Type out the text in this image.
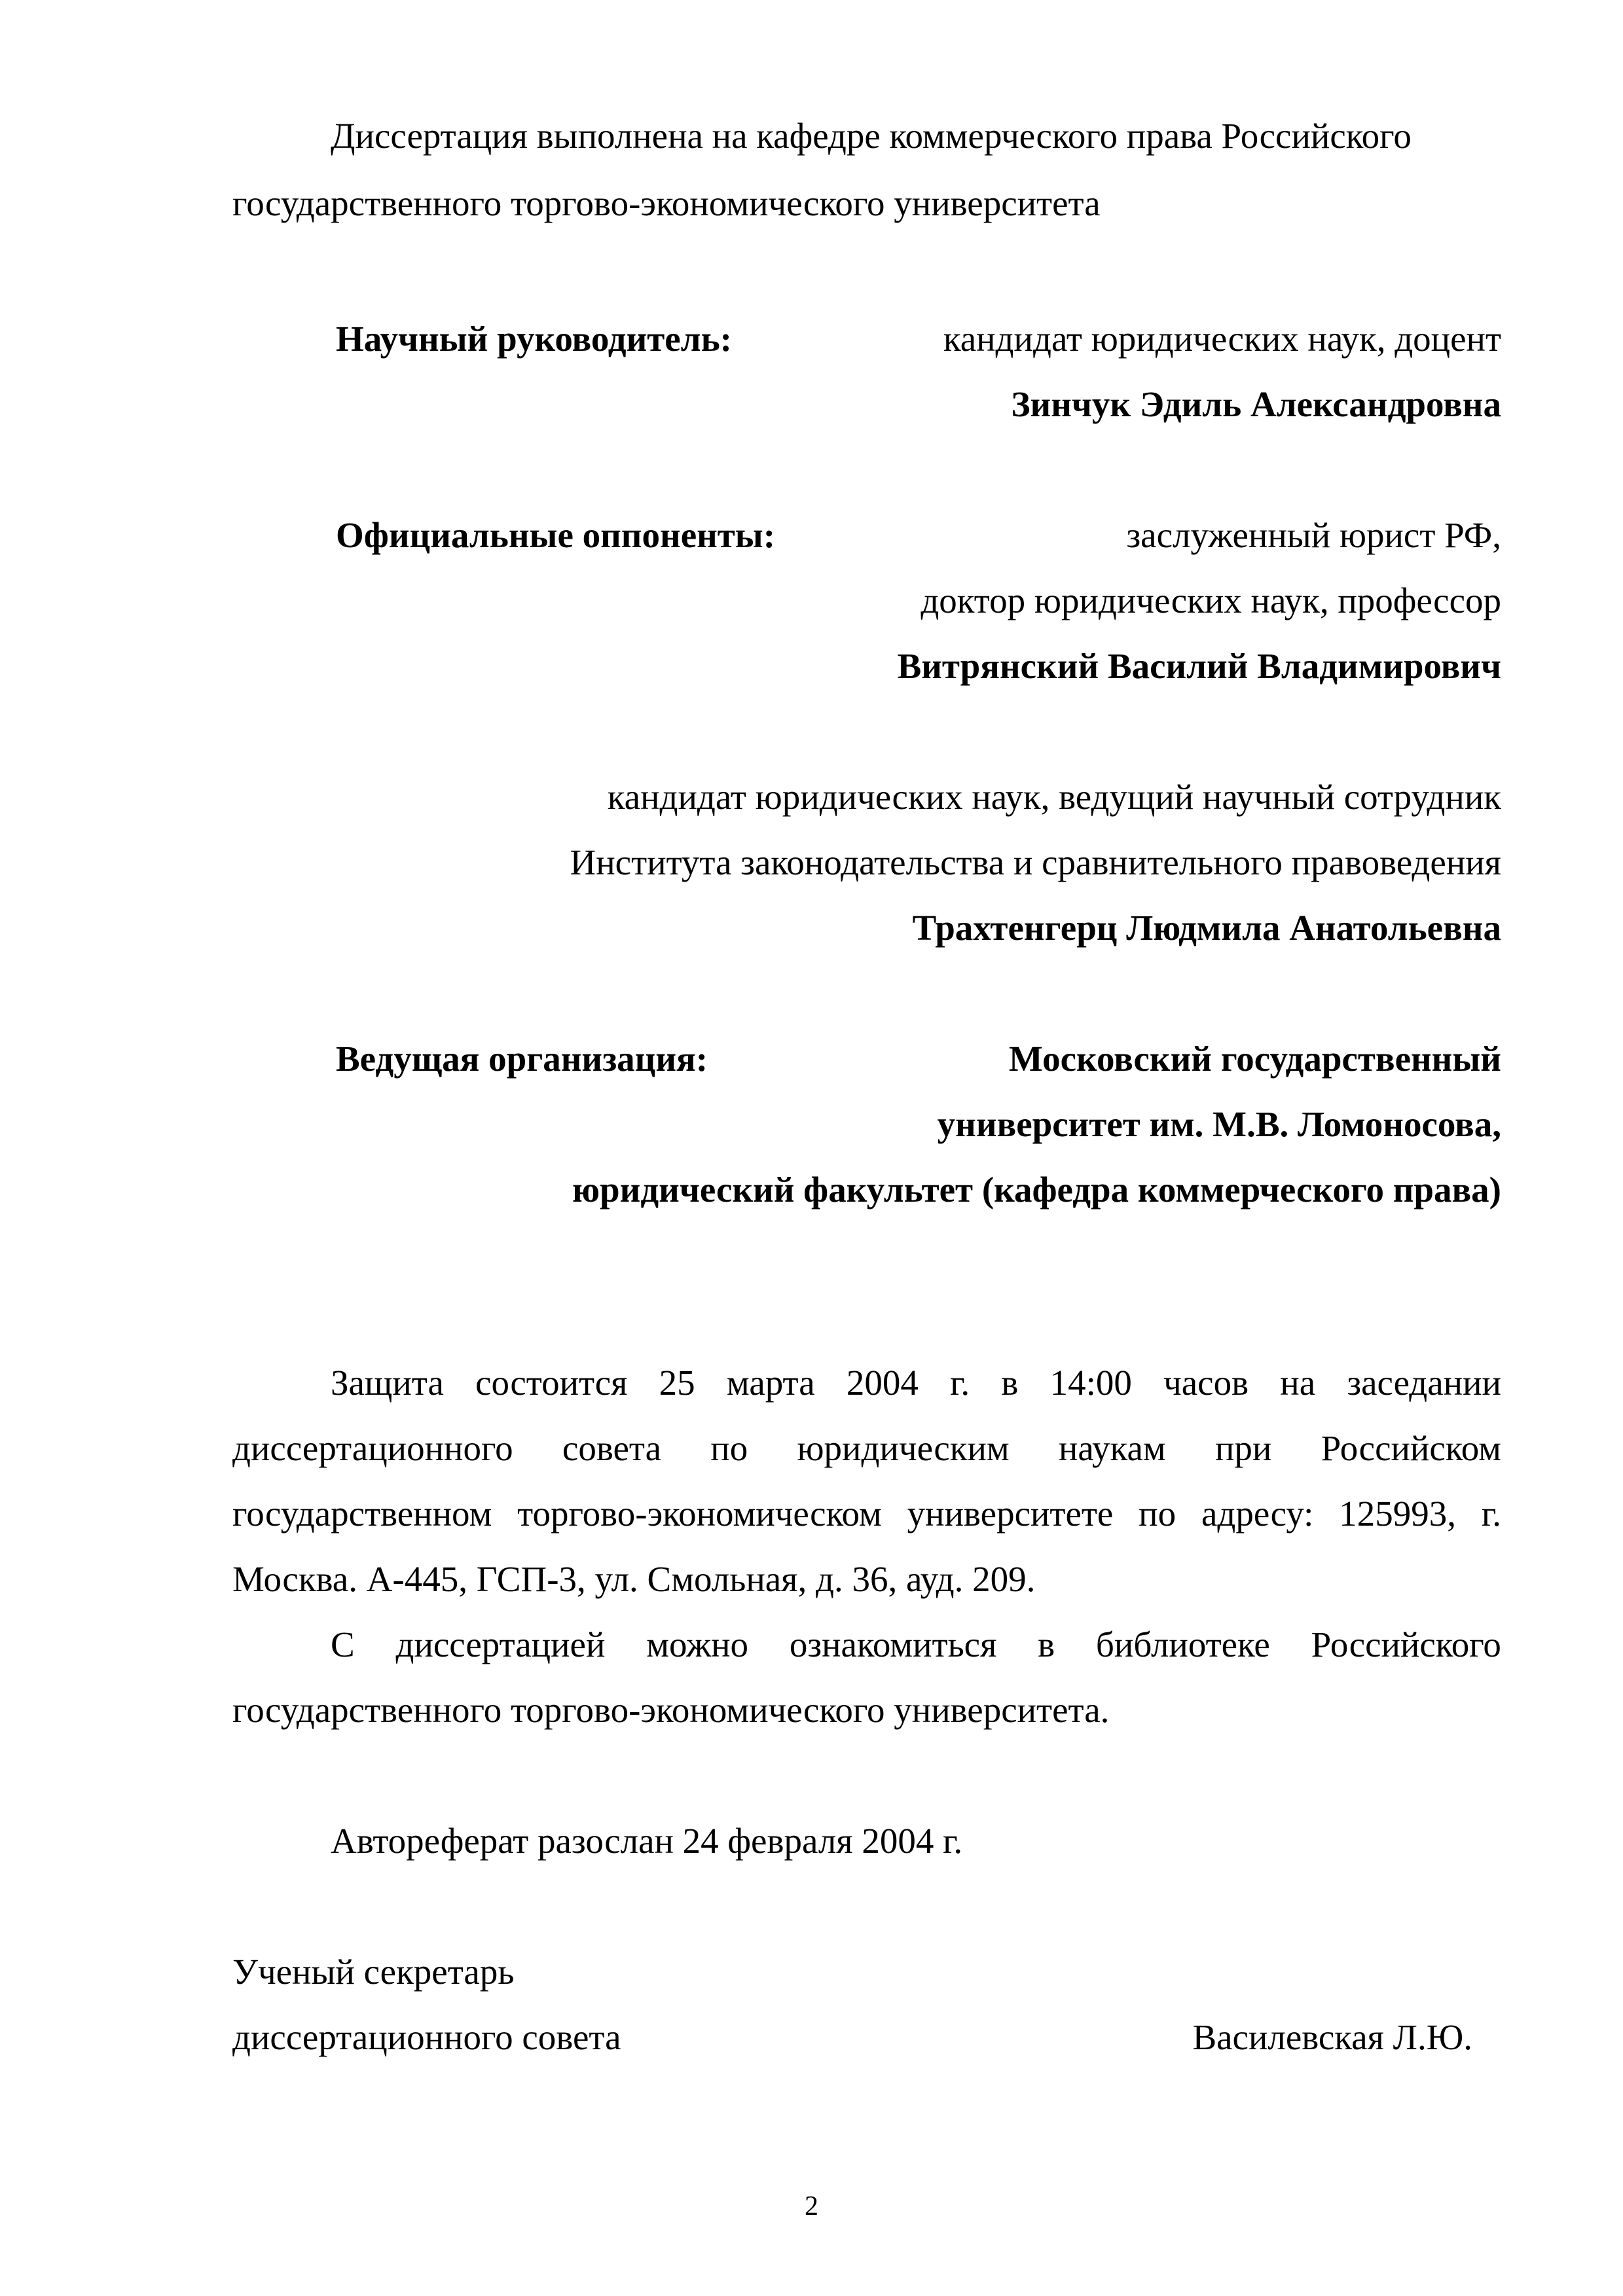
Диссертация выполнена на кафедре коммерческого права Российского
государственного торгово-экономического университета
Научный руководитель:	кандидат юридических наук, доцент
Зинчук Эдиль Александровна
Официальные оппоненты:	заслуженный юрист РФ,
доктор юридических наук, профессор
Витрянский Василий Владимирович
кандидат юридических наук, ведущий научный сотрудник
Института законодательства и сравнительного правоведения
Трахтенгерц Людмила Анатольевна
Ведущая организация:	Московский государственный
университет им. М.В. Ломоносова,
юридический факультет (кафедра коммерческого права)
Защита состоится 25 марта 2004 г. в 14:00 часов на заседании
диссертационного совета по юридическим наукам при Российском
государственном торгово-экономическом университете по адресу: 125993, г.
Москва. А-445, ГСП-3, ул. Смольная, д. 36, ауд. 209.
С диссертацией можно ознакомиться в библиотеке Российского
государственного торгово-экономического университета.
Автореферат разослан 24 февраля 2004 г.
Ученый секретарь
диссертационного совета	Василевская Л.Ю.
2
